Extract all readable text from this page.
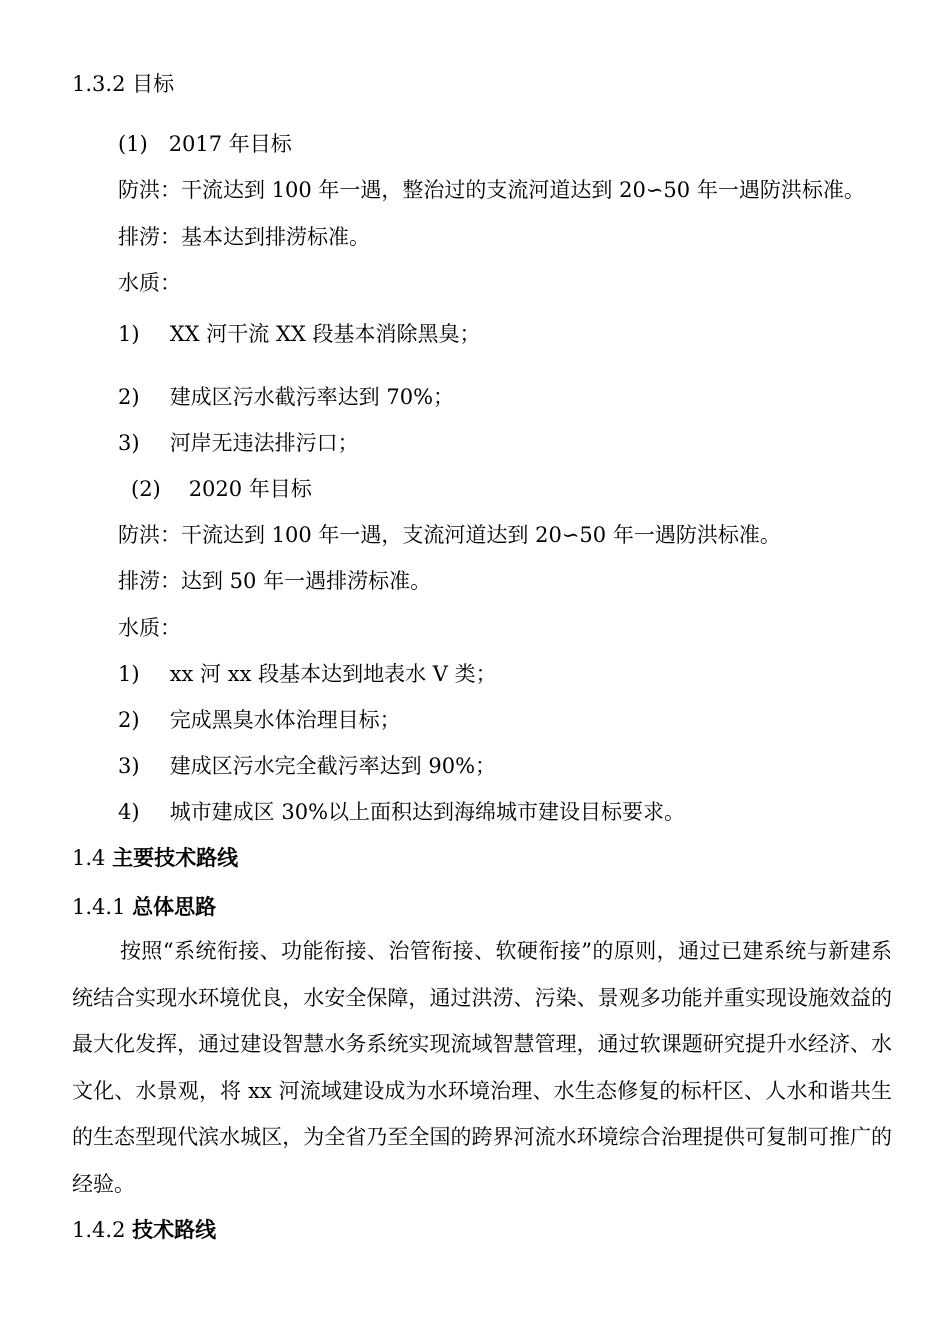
1.3.2 目标
(1) 2017 年目标
防洪：干流达到 100 年一遇，整治过的支流河道达到 20∽50 年一遇防洪标准。
排涝：基本达到排涝标准。
水质：
1) XX 河干流 XX 段基本消除黑臭；
2) 建成区污水截污率达到 70%；
3) 河岸无违法排污口；
(2) 2020 年目标
防洪：干流达到 100 年一遇，支流河道达到 20∽50 年一遇防洪标准。
排涝：达到 50 年一遇排涝标准。
水质：
1) xx 河 xx 段基本达到地表水 V 类；
2) 完成黑臭水体治理目标；
3) 建成区污水完全截污率达到 90%；
4) 城市建成区 30%以上面积达到海绵城市建设目标要求。
1.4 主要技术路线
1.4.1 总体思路
按照“系统衔接、功能衔接、治管衔接、软硬衔接”的原则，通过已建系统与新建系统结合实现水环境优良，水安全保障，通过洪涝、污染、景观多功能并重实现设施效益的最大化发挥，通过建设智慧水务系统实现流域智慧管理，通过软课题研究提升水经济、水文化、水景观，将 xx 河流域建设成为水环境治理、水生态修复的标杆区、人水和谐共生的生态型现代滨水城区，为全省乃至全国的跨界河流水环境综合治理提供可复制可推广的经验。
1.4.2 技术路线
